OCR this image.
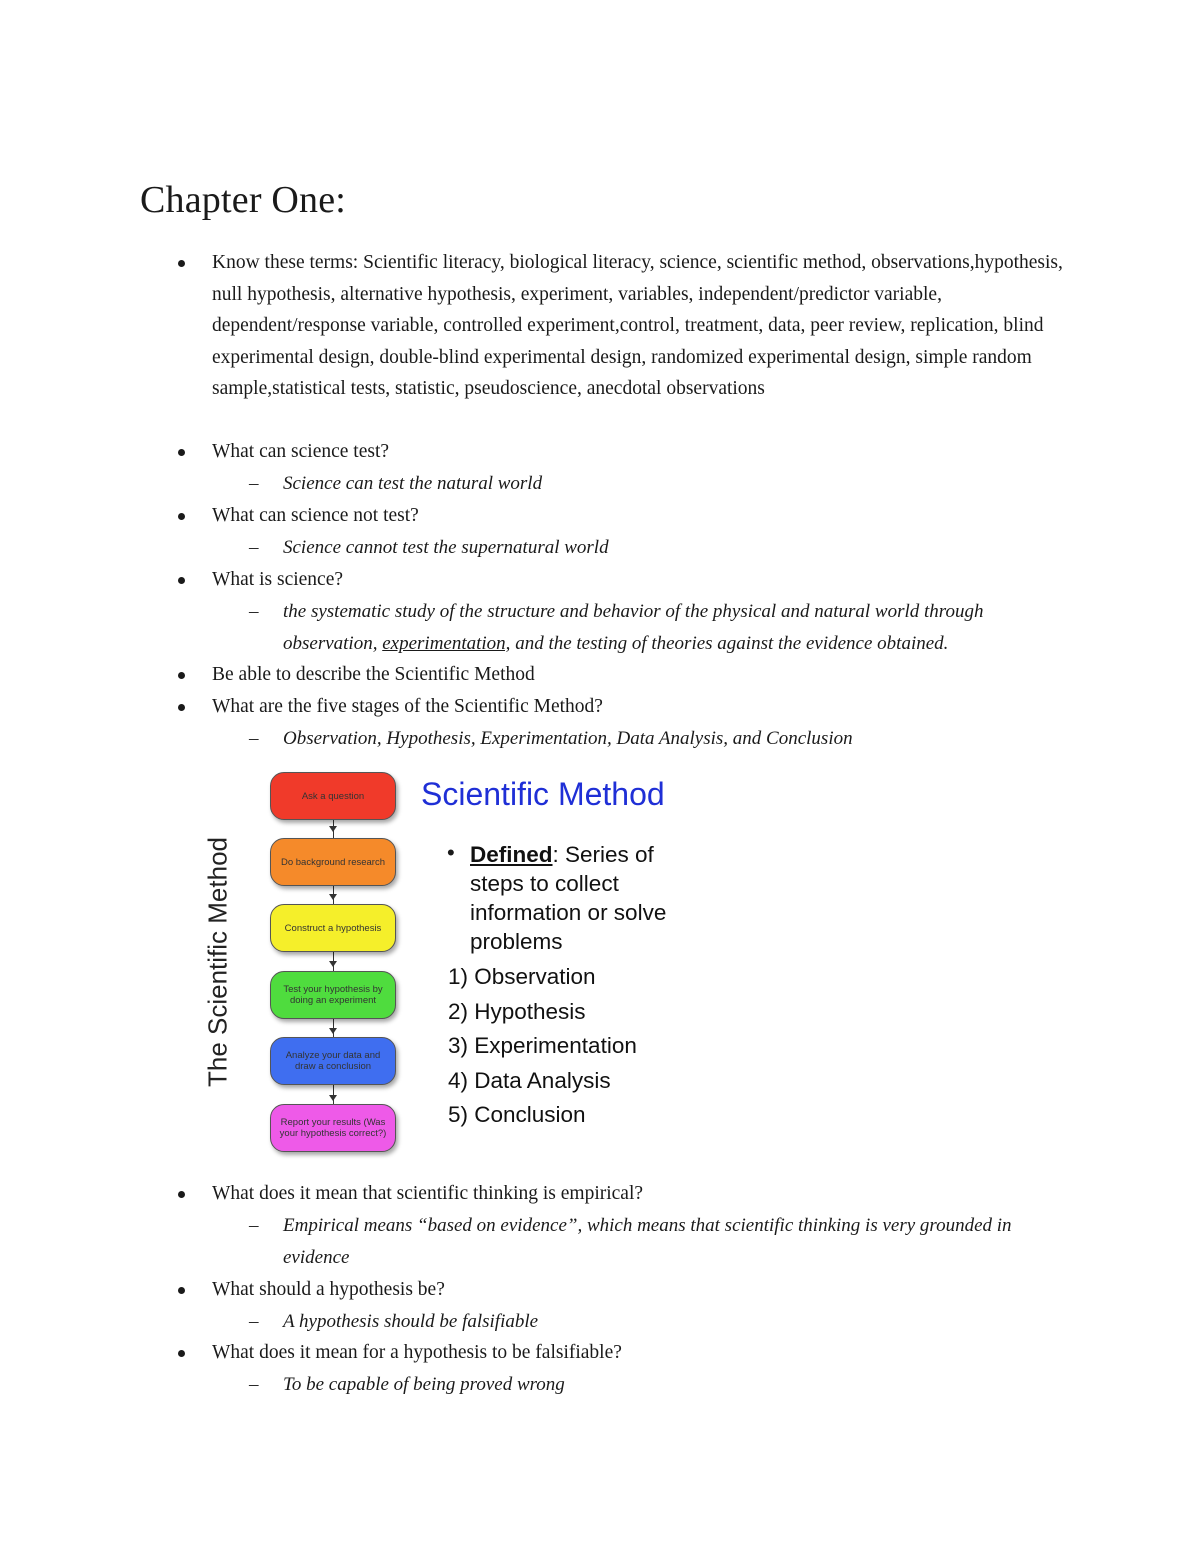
Chapter One:
Know these terms: Scientific literacy, biological literacy, science, scientific method, observations,hypothesis, null hypothesis, alternative hypothesis, experiment, variables, independent/predictor variable, dependent/response variable, controlled experiment,control, treatment, data, peer review, replication, blind experimental design, double-blind experimental design, randomized experimental design, simple random sample,statistical tests, statistic, pseudoscience, anecdotal observations
What can science test?
– Science can test the natural world
What can science not test?
– Science cannot test the supernatural world
What is science?
– the systematic study of the structure and behavior of the physical and natural world through observation, experimentation, and the testing of theories against the evidence obtained.
Be able to describe the Scientific Method
What are the five stages of the Scientific Method?
– Observation, Hypothesis, Experimentation, Data Analysis, and Conclusion
The Scientific Method
Ask a question
Do background research
Construct a hypothesis
Test your hypothesis by doing an experiment
Analyze your data and draw a conclusion
Report your results (Was your hypothesis correct?)
Scientific Method
• Defined: Series of steps to collect information or solve problems
1) Observation
2) Hypothesis
3) Experimentation
4) Data Analysis
5) Conclusion
What does it mean that scientific thinking is empirical?
– Empirical means “based on evidence”, which means that scientific thinking is very grounded in evidence
What should a hypothesis be?
– A hypothesis should be falsifiable
What does it mean for a hypothesis to be falsifiable?
– To be capable of being proved wrong
